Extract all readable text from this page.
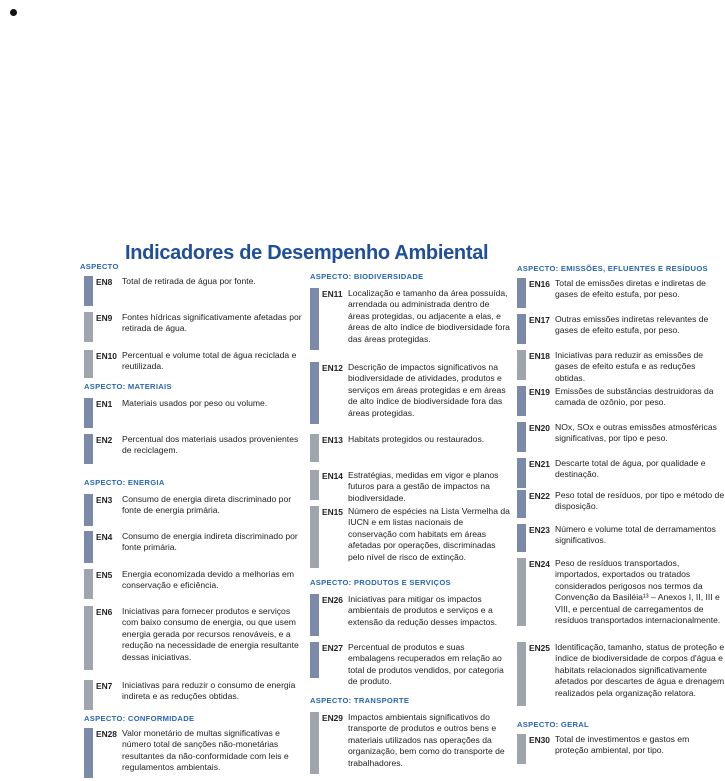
ASPECTO
Indicadores de Desempenho Ambiental
EN8	Total de retirada de água por fonte.
EN9	Fontes hídricas significativamente afetadas por retirada de água.
EN10 Percentual e volume total de água reciclada e reutilizada.
ASPECTO: MATERIAIS
EN1	Materiais usados por peso ou volume.
EN2	Percentual dos materiais usados provenientes de reciclagem.
ASPECTO: ENERGIA
EN3	Consumo de energia direta discriminado por fonte de energia primária.
EN4	Consumo de energia indireta discriminado por fonte primária.
EN5	Energia economizada devido a melhorias em conservação e eficiência.
EN6	Iniciativas para fornecer produtos e serviços com baixo consumo de energia, ou que usem energia gerada por recursos renováveis, e a redução na necessidade de energia resultante dessas iniciativas.
EN7	Iniciativas para reduzir o consumo de energia indireta e as reduções obtidas.
ASPECTO: CONFORMIDADE
EN28 Valor monetário de multas significativas e número total de sanções não-monetárias resultantes da não-conformidade com leis e regulamentos ambientais.
ASPECTO: BIODIVERSIDADE
EN11 Localização e tamanho da área possuída, arrendada ou administrada dentro de áreas protegidas, ou adjacente a elas, e áreas de alto índice de biodiversidade fora das áreas protegidas.
EN12 Descrição de impactos significativos na biodiversidade de atividades, produtos e serviços em áreas protegidas e em áreas de alto índice de biodiversidade fora das áreas protegidas.
EN13 Habitats protegidos ou restaurados.
EN14 Estratégias, medidas em vigor e planos futuros para a gestão de impactos na biodiversidade.
EN15 Número de espécies na Lista Vermelha da IUCN e em listas nacionais de conservação com habitats em áreas afetadas por operações, discriminadas pelo nível de risco de extinção.
ASPECTO: PRODUTOS E SERVIÇOS
EN26 Iniciativas para mitigar os impactos ambientais de produtos e serviços e a extensão da redução desses impactos.
EN27 Percentual de produtos e suas embalagens recuperados em relação ao total de produtos vendidos, por categoria de produto.
ASPECTO: TRANSPORTE
EN29 Impactos ambientais significativos do transporte de produtos e outros bens e materiais utilizados nas operações da organização, bem como do transporte de trabalhadores.
ASPECTO: EMISSÕES, EFLUENTES E RESÍDUOS
EN16 Total de emissões diretas e indiretas de gases de efeito estufa, por peso.
EN17 Outras emissões indiretas relevantes de gases de efeito estufa, por peso.
EN18 Iniciativas para reduzir as emissões de gases de efeito estufa e as reduções obtidas.
EN19 Emissões de substâncias destruidoras da camada de ozônio, por peso.
EN20 NOx, SOx e outras emissões atmosféricas significativas, por tipo e peso.
EN21 Descarte total de água, por qualidade e destinação.
EN22 Peso total de resíduos, por tipo e método de disposição.
EN23 Número e volume total de derramamentos significativos.
EN24 Peso de resíduos transportados, importados, exportados ou tratados considerados perigosos nos termos da Convenção da Basiléia¹³ – Anexos I, II, III e VIII, e percentual de carregamentos de resíduos transportados internacionalmente.
EN25 Identificação, tamanho, status de proteção e índice de biodiversidade de corpos d'água e habitats relacionados significativamente afetados por descartes de água e drenagem realizados pela organização relatora.
ASPECTO: GERAL
EN30 Total de investimentos e gastos em proteção ambiental, por tipo.
